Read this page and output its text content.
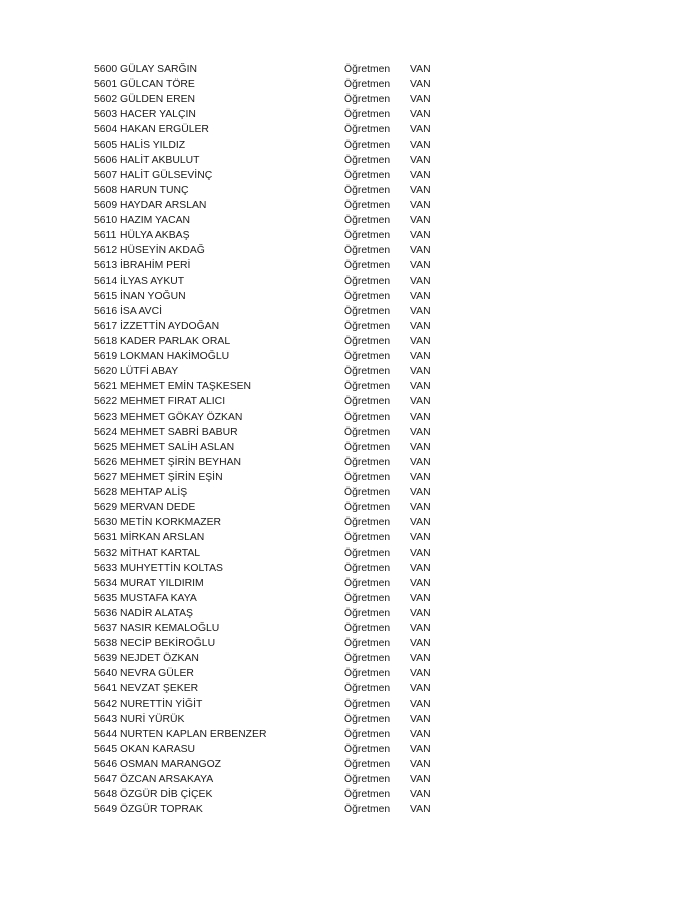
5600 GÜLAY SARĞIN	Öğretmen VAN
5601 GÜLCAN TÖRE	Öğretmen VAN
5602 GÜLDEN EREN	Öğretmen VAN
5603 HACER YALÇIN	Öğretmen VAN
5604 HAKAN ERGÜLER	Öğretmen VAN
5605 HALİS YILDIZ	Öğretmen VAN
5606 HALİT AKBULUT	Öğretmen VAN
5607 HALİT GÜLSEVİNÇ	Öğretmen VAN
5608 HARUN TUNÇ	Öğretmen VAN
5609 HAYDAR ARSLAN	Öğretmen VAN
5610 HAZIM YACAN	Öğretmen VAN
5611 HÜLYA AKBAŞ	Öğretmen VAN
5612 HÜSEYİN AKDAĞ	Öğretmen VAN
5613 İBRAHİM PERİ	Öğretmen VAN
5614 İLYAS AYKUT	Öğretmen VAN
5615 İNAN YOĞUN	Öğretmen VAN
5616 İSA AVCİ	Öğretmen VAN
5617 İZZETTİN AYDOĞAN	Öğretmen VAN
5618 KADER PARLAK ORAL	Öğretmen VAN
5619 LOKMAN HAKİMOĞLU	Öğretmen VAN
5620 LÜTFİ ABAY	Öğretmen VAN
5621 MEHMET EMİN TAŞKESEN	Öğretmen VAN
5622 MEHMET FIRAT ALICI	Öğretmen VAN
5623 MEHMET GÖKAY ÖZKAN	Öğretmen VAN
5624 MEHMET SABRİ BABUR	Öğretmen VAN
5625 MEHMET SALİH ASLAN	Öğretmen VAN
5626 MEHMET ŞİRİN BEYHAN	Öğretmen VAN
5627 MEHMET ŞİRİN EŞİN	Öğretmen VAN
5628 MEHTAP ALİŞ	Öğretmen VAN
5629 MERVAN DEDE	Öğretmen VAN
5630 METİN KORKMAZER	Öğretmen VAN
5631 MİRKAN ARSLAN	Öğretmen VAN
5632 MİTHAT KARTAL	Öğretmen VAN
5633 MUHYETTİN KOLTAS	Öğretmen VAN
5634 MURAT YILDIRIM	Öğretmen VAN
5635 MUSTAFA KAYA	Öğretmen VAN
5636 NADİR ALATAŞ	Öğretmen VAN
5637 NASIR KEMALOĞLU	Öğretmen VAN
5638 NECİP BEKİROĞLU	Öğretmen VAN
5639 NEJDET ÖZKAN	Öğretmen VAN
5640 NEVRA GÜLER	Öğretmen VAN
5641 NEVZAT ŞEKER	Öğretmen VAN
5642 NURETTİN YİĞİT	Öğretmen VAN
5643 NURİ YÜRÜK	Öğretmen VAN
5644 NURTEN KAPLAN ERBENZER	Öğretmen VAN
5645 OKAN KARASU	Öğretmen VAN
5646 OSMAN MARANGOZ	Öğretmen VAN
5647 ÖZCAN ARSAKAYA	Öğretmen VAN
5648 ÖZGÜR DİB ÇİÇEK	Öğretmen VAN
5649 ÖZGÜR TOPRAK	Öğretmen VAN
